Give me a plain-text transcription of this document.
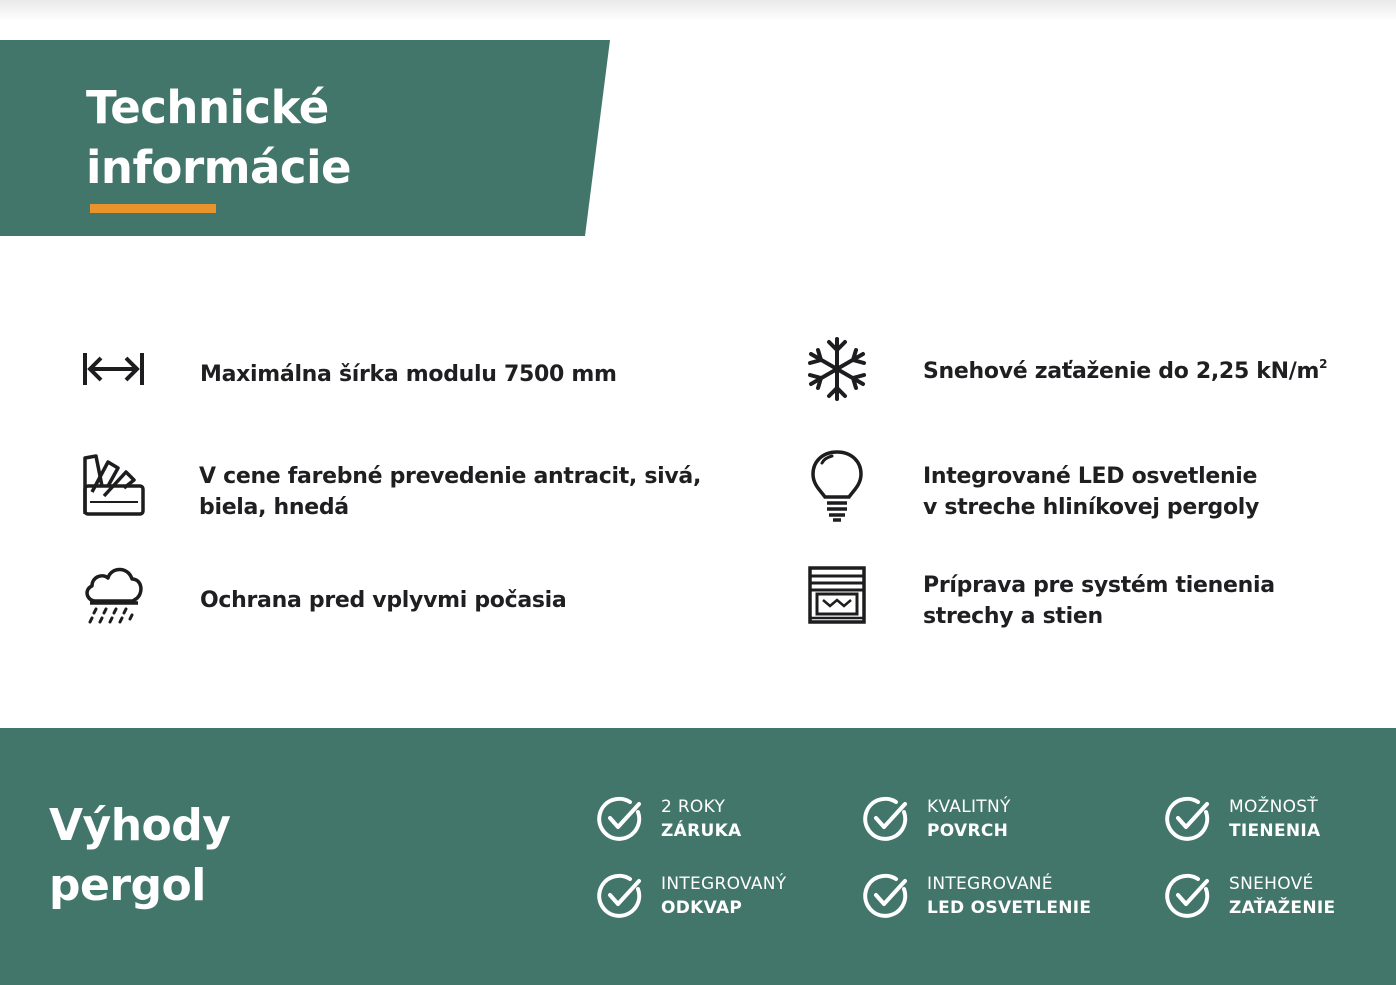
Technické
informácie
Maximálna šírka modulu 7500 mm
V cene farebné prevedenie antracit, sivá,
biela, hnedá
Ochrana pred vplyvmi počasia
Snehové zaťaženie do 2,25 $kN/m^2$
Integrované LED osvetlenie
v streche hliníkovej pergoly
Príprava pre systém tienenia
strechy a stien
Výhody
pergol
2 ROKY
ZÁRUKA
KVALITNÝ
POVRCH
MOŽNOSŤ
TIENENIA
INTEGROVANÝ
ODKVAP
INTEGROVANÉ
LED OSVETLENIE
SNEHOVÉ
ZAŤAŽENIE
